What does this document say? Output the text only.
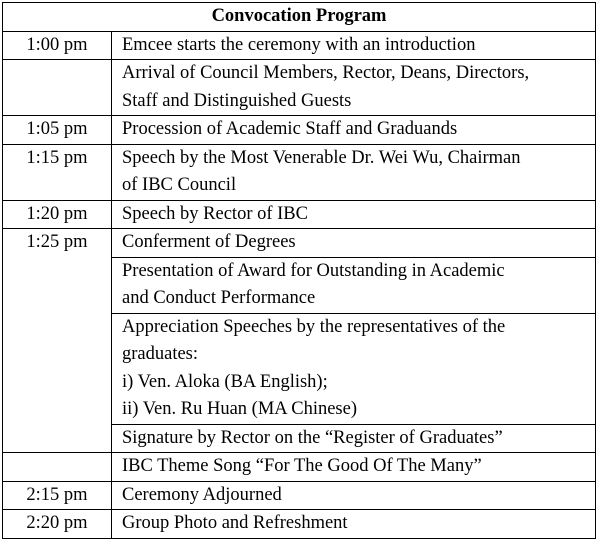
Convocation Program	
1:00 pm	Emcee starts the ceremony with an introduction

	Arrival of Council Members, Rector, Deans, Directors,
Staff and Distinguished Guests

1:05 pm	Procession of Academic Staff and Graduands

1:15 pm	Speech by the Most Venerable Dr. Wei Wu, Chairman
of IBC Council

1:20 pm	Speech by Rector of IBC

1:25 pm	Conferment of Degrees

	Presentation of Award for Outstanding in Academic
and Conduct Performance

	Appreciation Speeches by the representatives of the
graduates:
i) Ven. Aloka (BA English);
ii) Ven. Ru Huan (MA Chinese)

	Signature by Rector on the “Register of Graduates”

	IBC Theme Song “For The Good Of The Many”

2:15 pm	Ceremony Adjourned

2:20 pm	Group Photo and Refreshment
